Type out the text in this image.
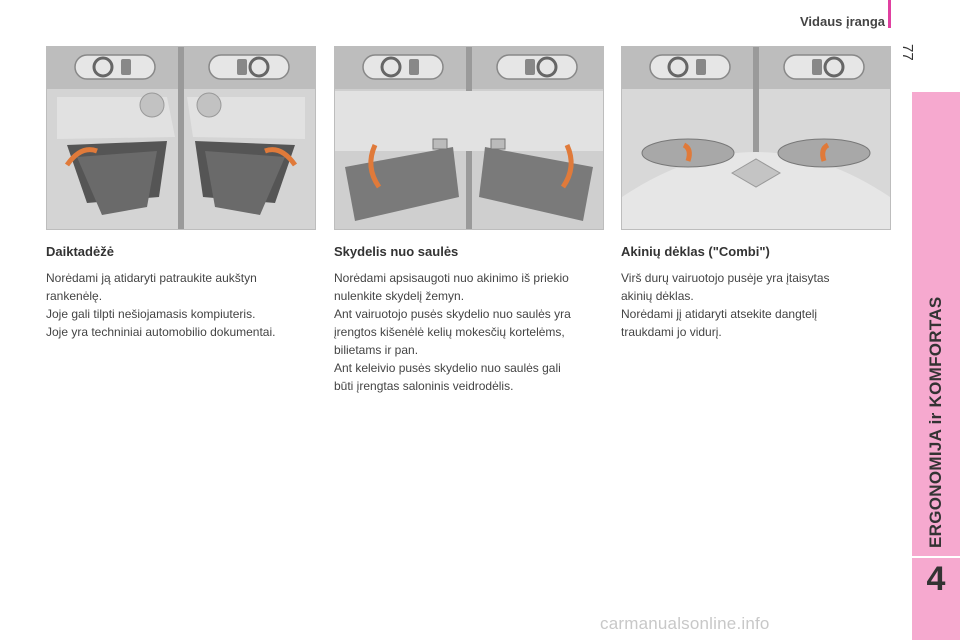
Vidaus įranga
77
ERGONOMIJA ir KOMFORTAS
4
Daiktadėžė

Norėdami ją atidaryti patraukite aukštyn

rankenėlę.

Joje gali tilpti nešiojamasis kompiuteris.

Joje yra techniniai automobilio dokumentai.

Skydelis nuo saulės

Norėdami apsisaugoti nuo akinimo iš priekio

nulenkite skydelį žemyn.

Ant vairuotojo pusės skydelio nuo saulės yra

įrengtos kišenėlė kelių mokesčių kortelėms,

bilietams ir pan.

Ant keleivio pusės skydelio nuo saulės gali

būti įrengtas saloninis veidrodėlis.

Akinių dėklas ("Combi")

Virš durų vairuotojo pusėje yra įtaisytas

akinių dėklas.

Norėdami jį atidaryti atsekite dangtelį

traukdami jo vidurį.

carmanualsonline.info
